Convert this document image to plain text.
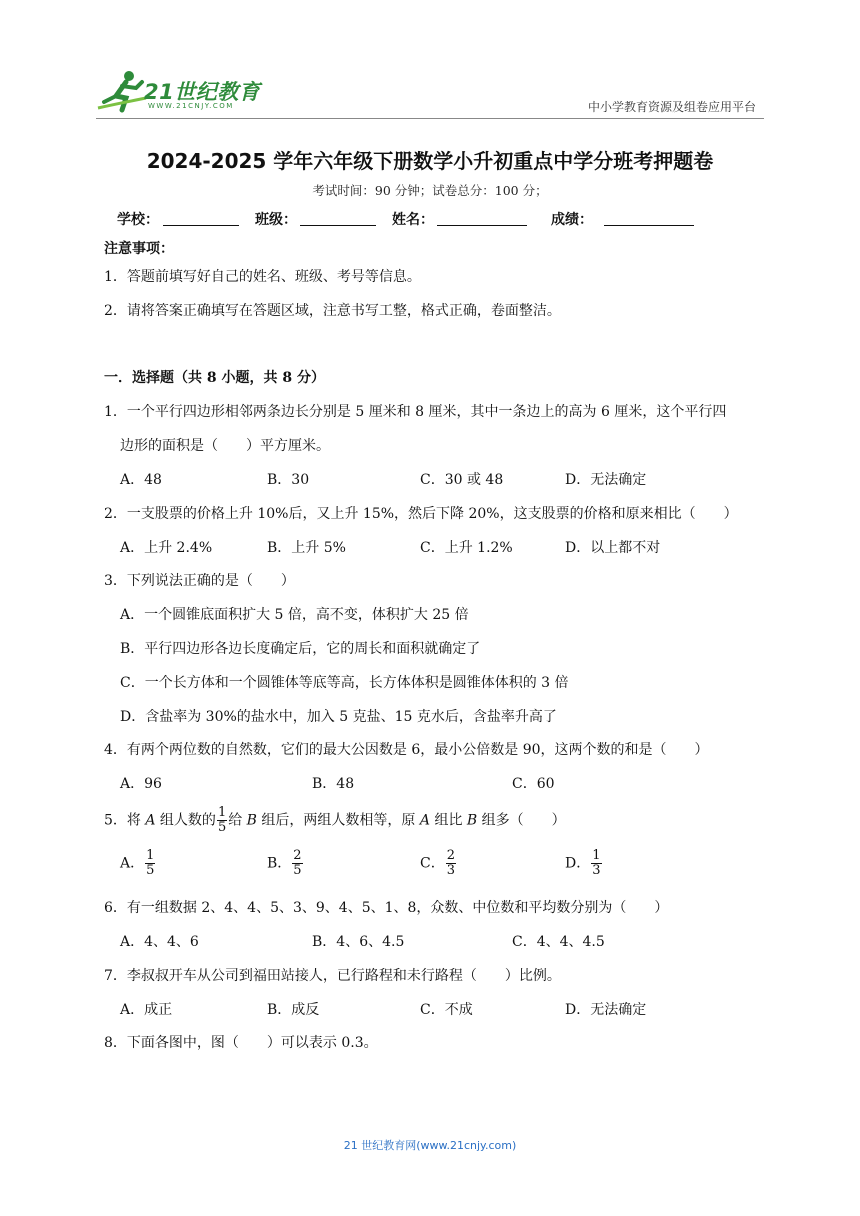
21世纪教育
WWW.21CNJY.COM	中小学教育资源及组卷应用平台
2024-2025 学年六年级下册数学小升初重点中学分班考押题卷
考试时间：90 分钟；试卷总分：100 分；
学校：	班级：	姓名：	成绩：
注意事项：
1．答题前填写好自己的姓名、班级、考号等信息。
2．请将答案正确填写在答题区域，注意书写工整，格式正确，卷面整洁。
一．选择题（共 8 小题，共 8 分）
1．一个平行四边形相邻两条边长分别是 5 厘米和 8 厘米，其中一条边上的高为 6 厘米，这个平行四
边形的面积是（　　）平方厘米。
A．48	B．30	C．30 或 48	D．无法确定
2．一支股票的价格上升 10%后，又上升 15%，然后下降 20%，这支股票的价格和原来相比（　　）
A．上升 2.4%	B．上升 5%	C．上升 1.2%	D．以上都不对
3．下列说法正确的是（　　）
A．一个圆锥底面积扩大 5 倍，高不变，体积扩大 25 倍
B．平行四边形各边长度确定后，它的周长和面积就确定了
C．一个长方体和一个圆锥体等底等高，长方体体积是圆锥体体积的 3 倍
D．含盐率为 30%的盐水中，加入 5 克盐、15 克水后，含盐率升高了
4．有两个两位数的自然数，它们的最大公因数是 6，最小公倍数是 90，这两个数的和是（　　）
A．96	B．48	C．60
5．将 A 组人数的 $\frac{1}{5}$ 给 B 组后，两组人数相等，原 A 组比 B 组多（　　）
A． $\frac{1}{5}$	B． $\frac{2}{5}$	C． $\frac{2}{3}$	D． $\frac{1}{3}$
6．有一组数据 2、4、4、5、3、9、4、5、1、8，众数、中位数和平均数分别为（　　）
A．4、4、6	B．4、6、4.5	C．4、4、4.5
7．李叔叔开车从公司到福田站接人，已行路程和未行路程（　　）比例。
A．成正	B．成反	C．不成	D．无法确定
8．下面各图中，图（　　）可以表示 0.3。
21 世纪教育网(www.21cnjy.com)
